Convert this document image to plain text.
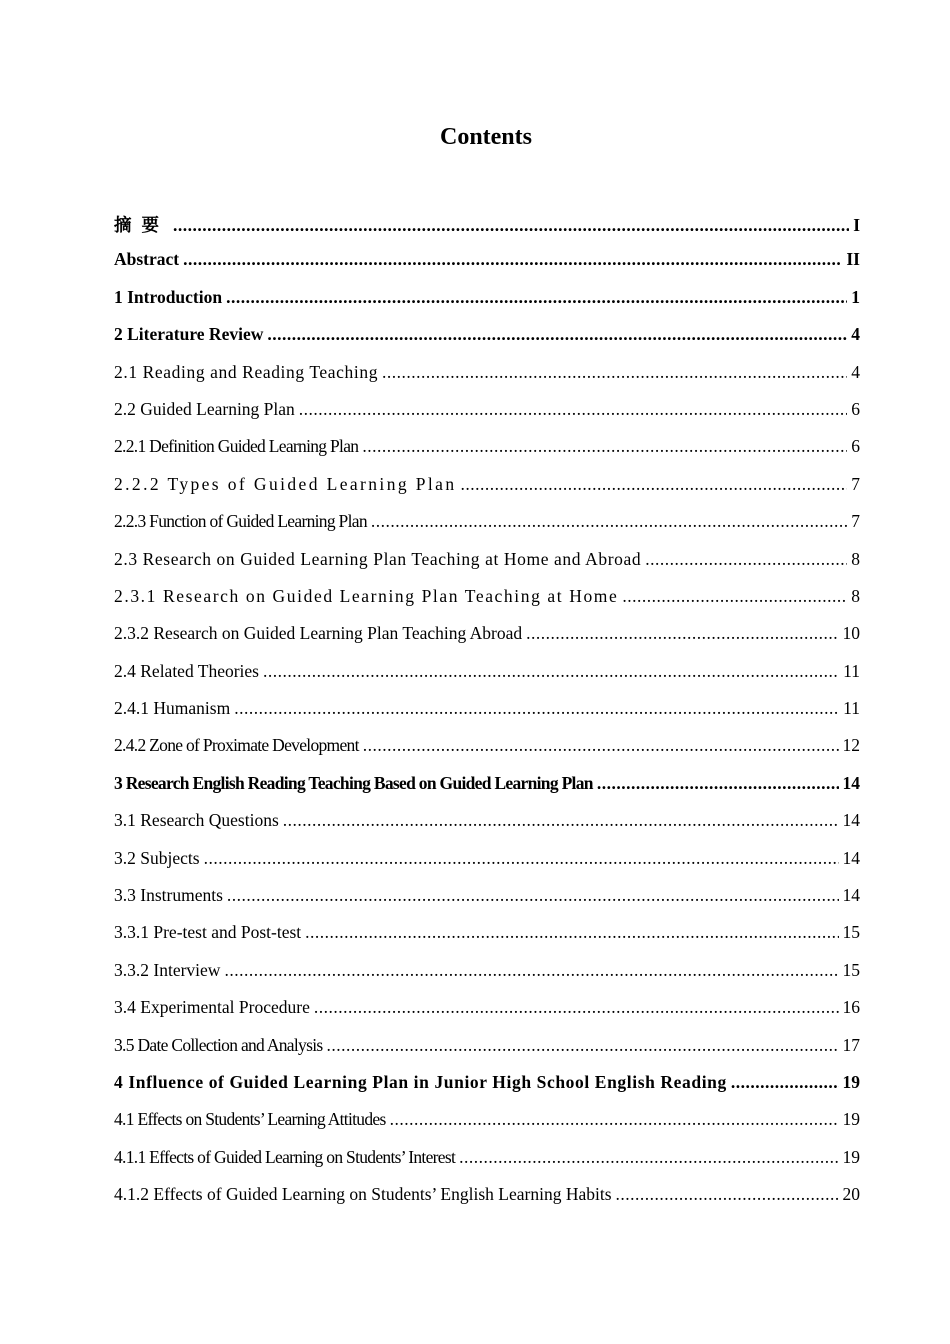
Contents
摘要 .....	I
Abstract .....	II
1 Introduction .....	1
2 Literature Review .....	4
2.1 Reading and Reading Teaching .....	4
2.2 Guided Learning Plan .....	6
2.2.1 Definition Guided Learning Plan .....	6
2.2.2 Types of Guided Learning Plan .....	7
2.2.3 Function of Guided Learning Plan .....	7
2.3 Research on Guided Learning Plan Teaching at Home and Abroad .....	8
2.3.1 Research on Guided Learning Plan Teaching at Home .....	8
2.3.2 Research on Guided Learning Plan Teaching Abroad .....	10
2.4 Related Theories .....	11
2.4.1 Humanism .....	11
2.4.2 Zone of Proximate Development .....	12
3 Research English Reading Teaching Based on Guided Learning Plan .....	14
3.1 Research Questions .....	14
3.2 Subjects .....	14
3.3 Instruments .....	14
3.3.1 Pre-test and Post-test .....	15
3.3.2 Interview .....	15
3.4 Experimental Procedure .....	16
3.5 Date Collection and Analysis .....	17
4 Influence of Guided Learning Plan in Junior High School English Reading .....	19
4.1 Effects on Students’ Learning Attitudes .....	19
4.1.1 Effects of Guided Learning on Students’ Interest .....	19
4.1.2 Effects of Guided Learning on Students’ English Learning Habits .....	20
